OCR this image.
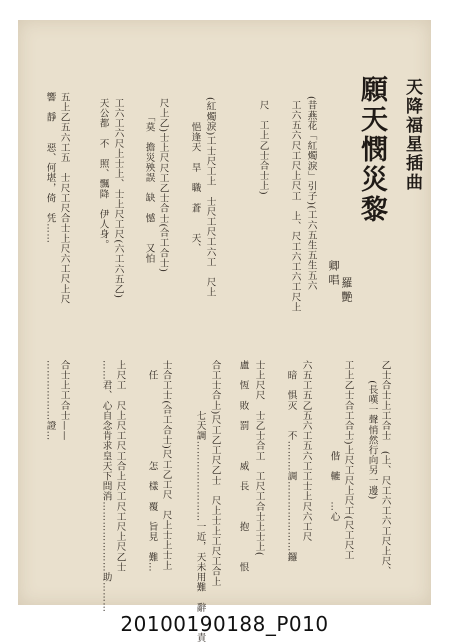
天降福星插曲
願天憫災黎
羅艷
卿唱
(昔燕花「紅燭淚」引子)(工六五生五生五六
工六五六尺工尺上尺工　上、尺工六工六工尺上
尺　工上乙士合士上)
(紅燭淚)工士尺工上　士尺工尺工六工　尺上
　悒逢天　旱　職　蒼　　天、
尺上乙)士上尺尺工乙士合士(合工合士)
「莫　擔災殃誤　缺　憾　　又怕
工六工六尺上士上、士上尺工尺(六工六五乙)
天公都　不　照、飄降　伊人身。
五上乙五六工五　士尺工尺合士上尺六工尺上尺
響　靜　　惡、何堪，倚　凭……
乙士合士上工合士　(上、尺工六工六工尺上尺、
　　(長嘆一聲悄然行向另一邊)
工上乙士合工合士)上尺工尺上尺工(尺工尺工
　　　　　　　　　偕　轆　　…心
六五工五乙五六工五六工工士上尺六工尺
　暗　惧灭　　不………調…………………鑼
士上尺尺　士乙士合工　工尺工合士上士上(
盧　恆　敗　罰　　　威　長　　　抱　　　恨
合工士合上)尺工乙工尺乙士　尺上士上工尺工合上
　　　　　七天調……………………一近，天未用難　辭　　責
士合工士(合工合士)尺工乙工尺　尺上士上士上
　任　　　　　　　　怎　樣　覆　旨見　難…
上尺工　尺上尺工尺工合上尺工尺工尺上尺乙士
……君、心自念肯求皇天下問消…………………助………
合士上工合士——
………………證…
20100190188_P010
